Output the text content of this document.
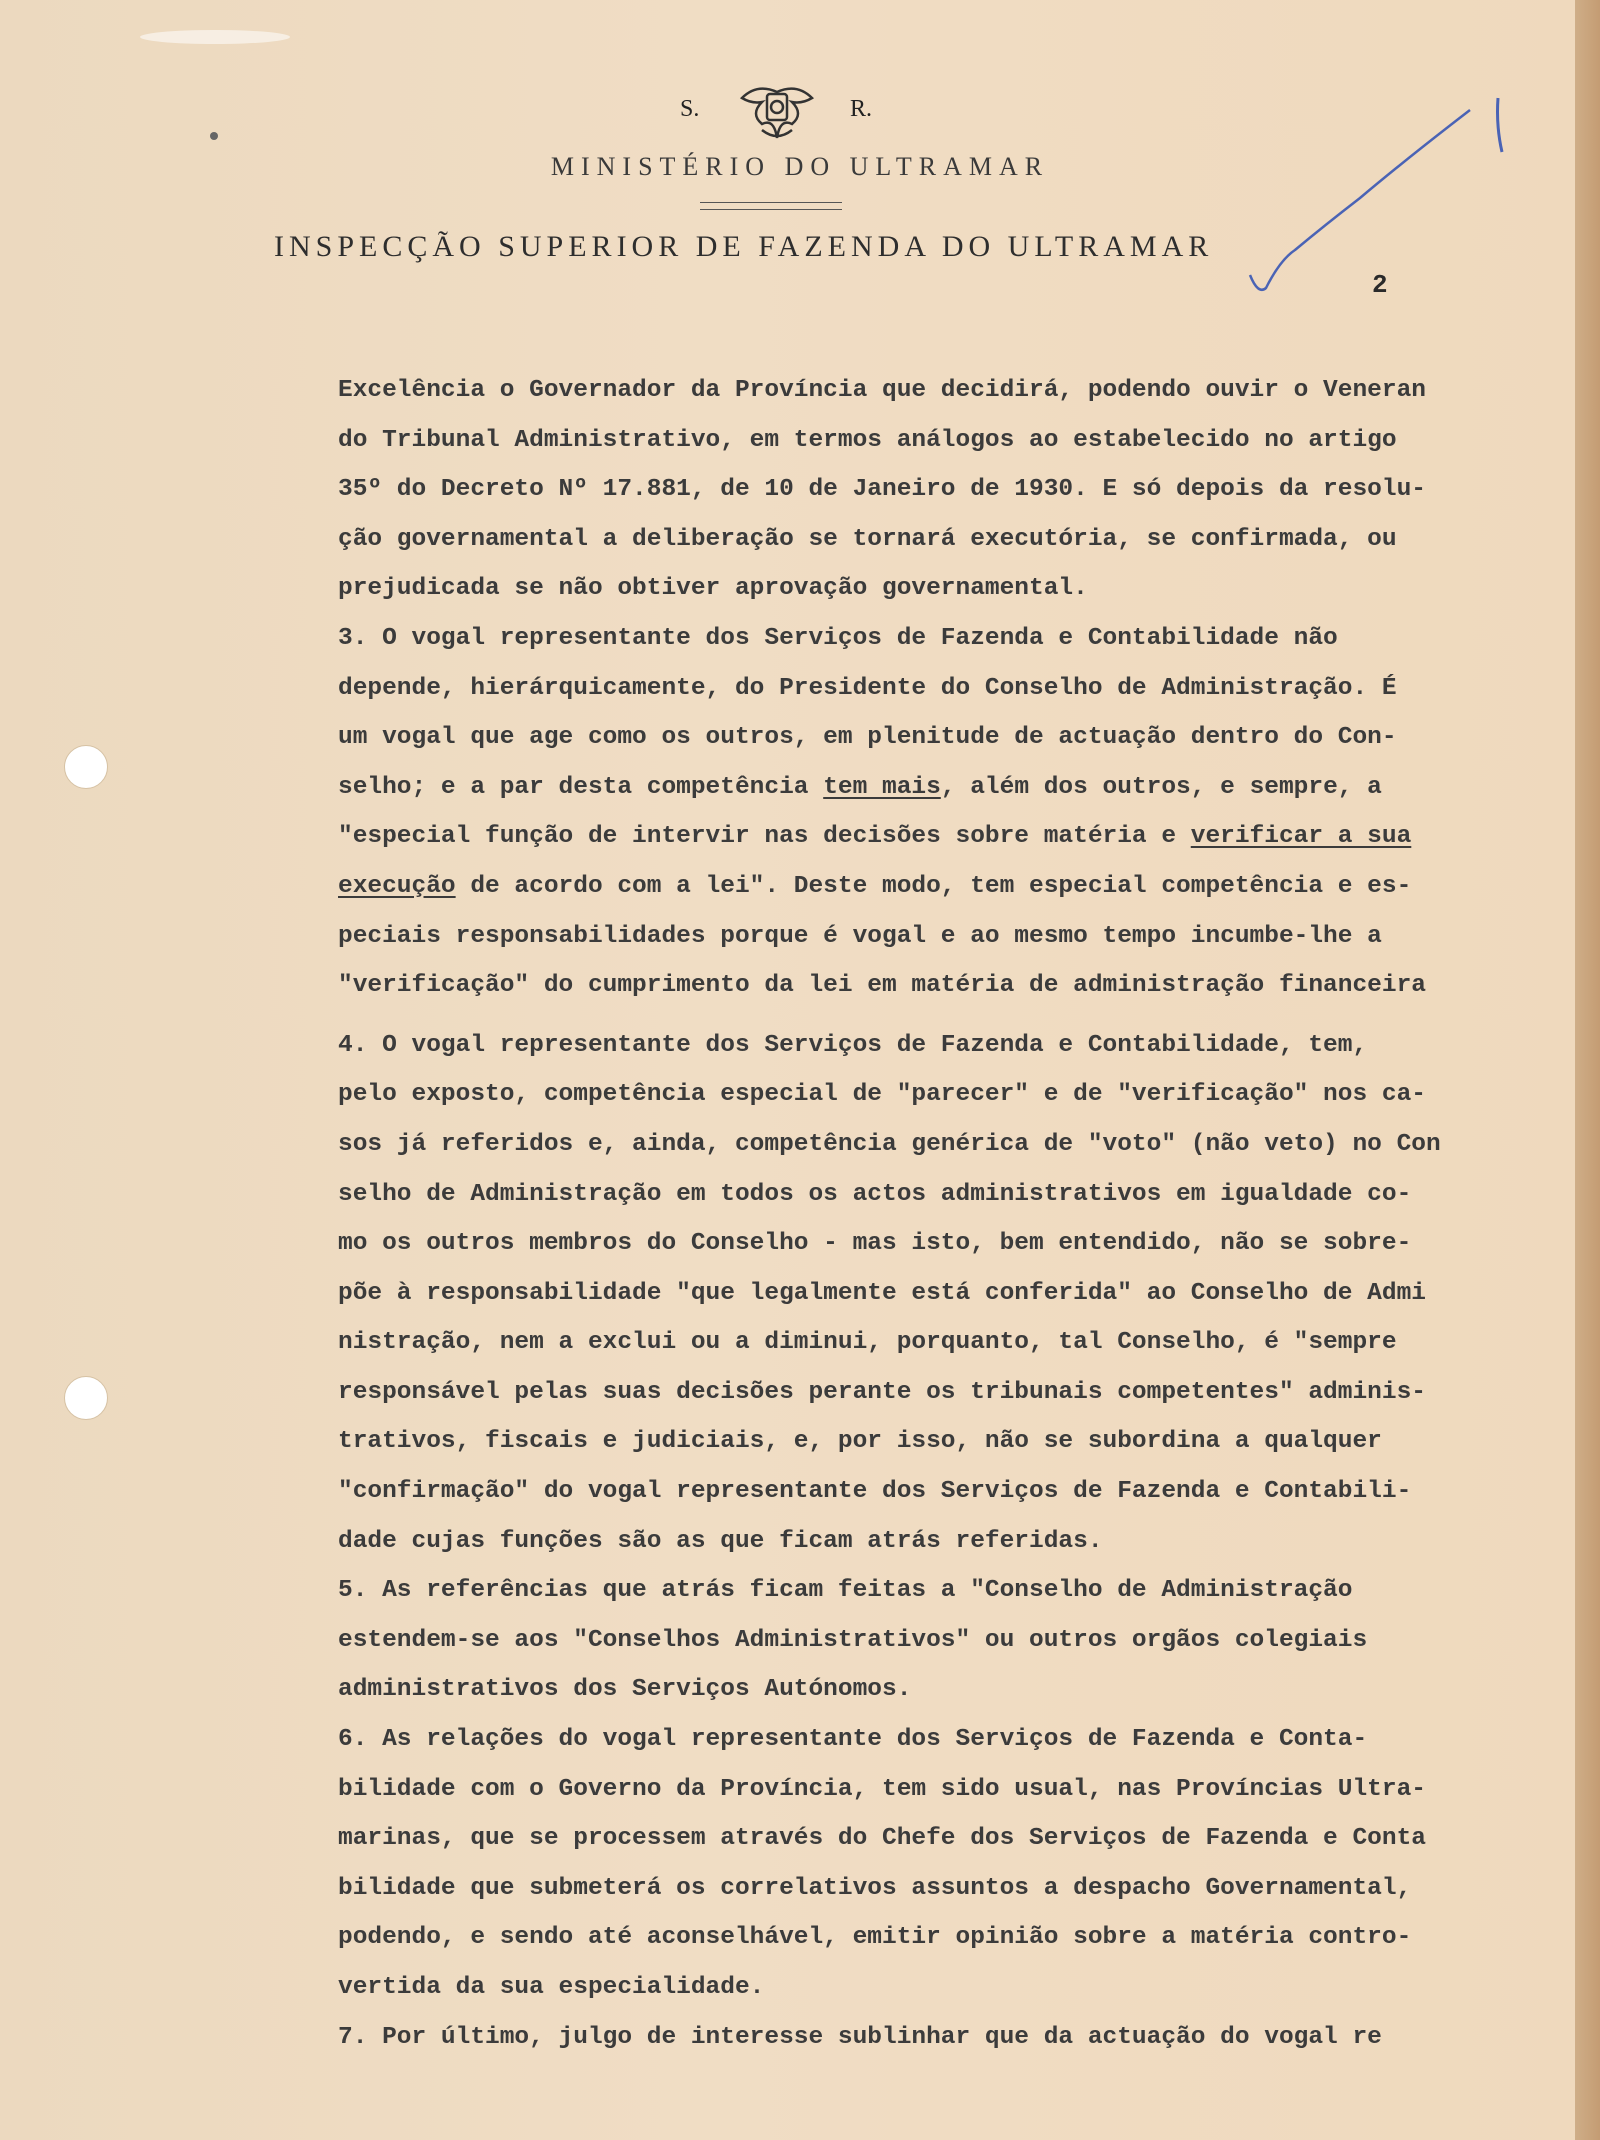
S.	R.
MINISTÉRIO DO ULTRAMAR
INSPECÇÃO SUPERIOR DE FAZENDA DO ULTRAMAR
2

Excelência o Governador da Província que decidirá, podendo ouvir o Veneran

do Tribunal Administrativo, em termos análogos ao estabelecido no artigo

35º do Decreto Nº 17.881, de 10 de Janeiro de 1930. E só depois da resolu-

ção governamental a deliberação se tornará executória, se confirmada, ou

prejudicada se não obtiver aprovação governamental.

3. O vogal representante dos Serviços de Fazenda e Contabilidade não

depende, hierárquicamente, do Presidente do Conselho de Administração. É

um vogal que age como os outros, em plenitude de actuação dentro do Con-

selho; e a par desta competência tem mais, além dos outros, e sempre, a

"especial função de intervir nas decisões sobre matéria e verificar a sua

execução de acordo com a lei". Deste modo, tem especial competência e es-

peciais responsabilidades porque é vogal e ao mesmo tempo incumbe-lhe a

"verificação" do cumprimento da lei em matéria de administração financeira

4. O vogal representante dos Serviços de Fazenda e Contabilidade, tem,

pelo exposto, competência especial de "parecer" e de "verificação" nos ca-

sos já referidos e, ainda, competência genérica de "voto" (não veto) no Con

selho de Administração em todos os actos administrativos em igualdade co-

mo os outros membros do Conselho - mas isto, bem entendido, não se sobre-

põe à responsabilidade "que legalmente está conferida" ao Conselho de Admi

nistração, nem a exclui ou a diminui, porquanto, tal Conselho, é "sempre

responsável pelas suas decisões perante os tribunais competentes" adminis-

trativos, fiscais e judiciais, e, por isso, não se subordina a qualquer

"confirmação" do vogal representante dos Serviços de Fazenda e Contabili-

dade cujas funções são as que ficam atrás referidas.

5. As referências que atrás ficam feitas a "Conselho de Administração

estendem-se aos "Conselhos Administrativos" ou outros orgãos colegiais

administrativos dos Serviços Autónomos.

6. As relações do vogal representante dos Serviços de Fazenda e Conta-

bilidade com o Governo da Província, tem sido usual, nas Províncias Ultra-

marinas, que se processem através do Chefe dos Serviços de Fazenda e Conta

bilidade que submeterá os correlativos assuntos a despacho Governamental,

podendo, e sendo até aconselhável, emitir opinião sobre a matéria contro-

vertida da sua especialidade.

7. Por último, julgo de interesse sublinhar que da actuação do vogal re
